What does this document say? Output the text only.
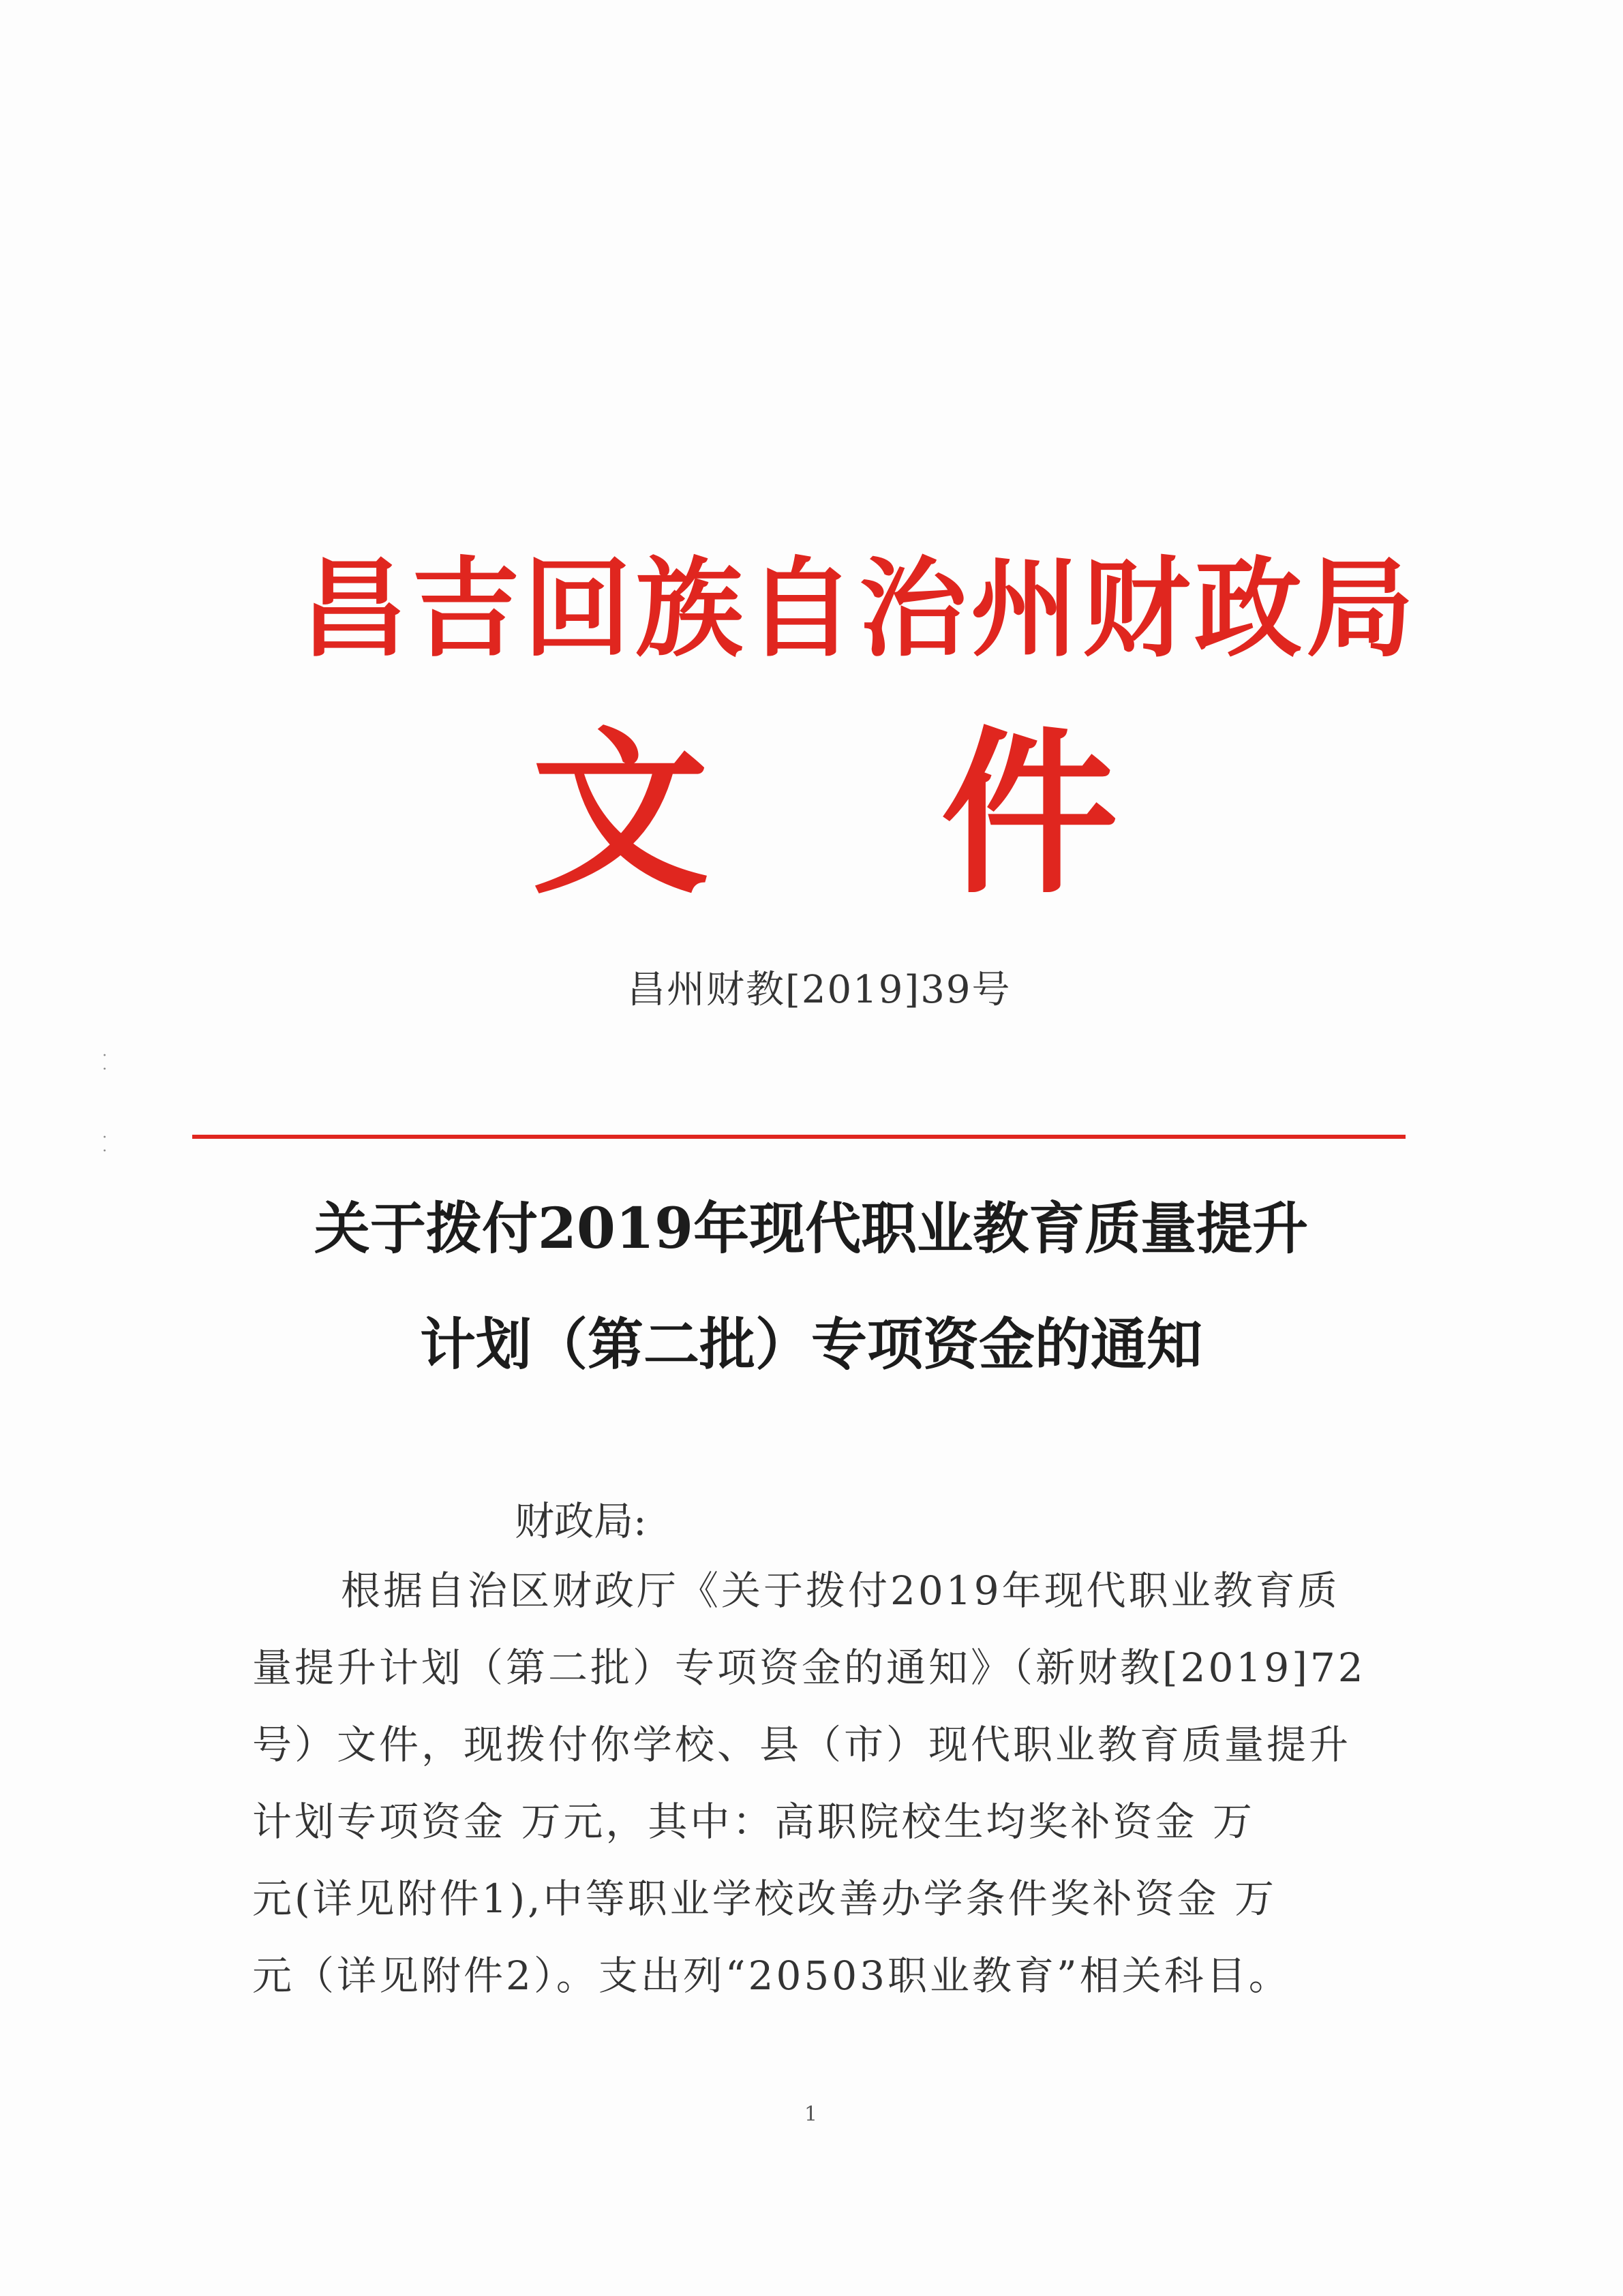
昌吉回族自治州财政局
文 件
昌州财教[2019]39号
·
·
·
·
关于拨付2019年现代职业教育质量提升
计划（第二批）专项资金的通知
财政局:
根据自治区财政厅《关于拨付2019年现代职业教育质
量提升计划（第二批）专项资金的通知》（新财教[2019]72
号）文件，现拨付你学校、县（市）现代职业教育质量提升
计划专项资金 万元，其中：高职院校生均奖补资金 万
元(详见附件1),中等职业学校改善办学条件奖补资金 万
元（详见附件2）。支出列“20503职业教育”相关科目。
1
